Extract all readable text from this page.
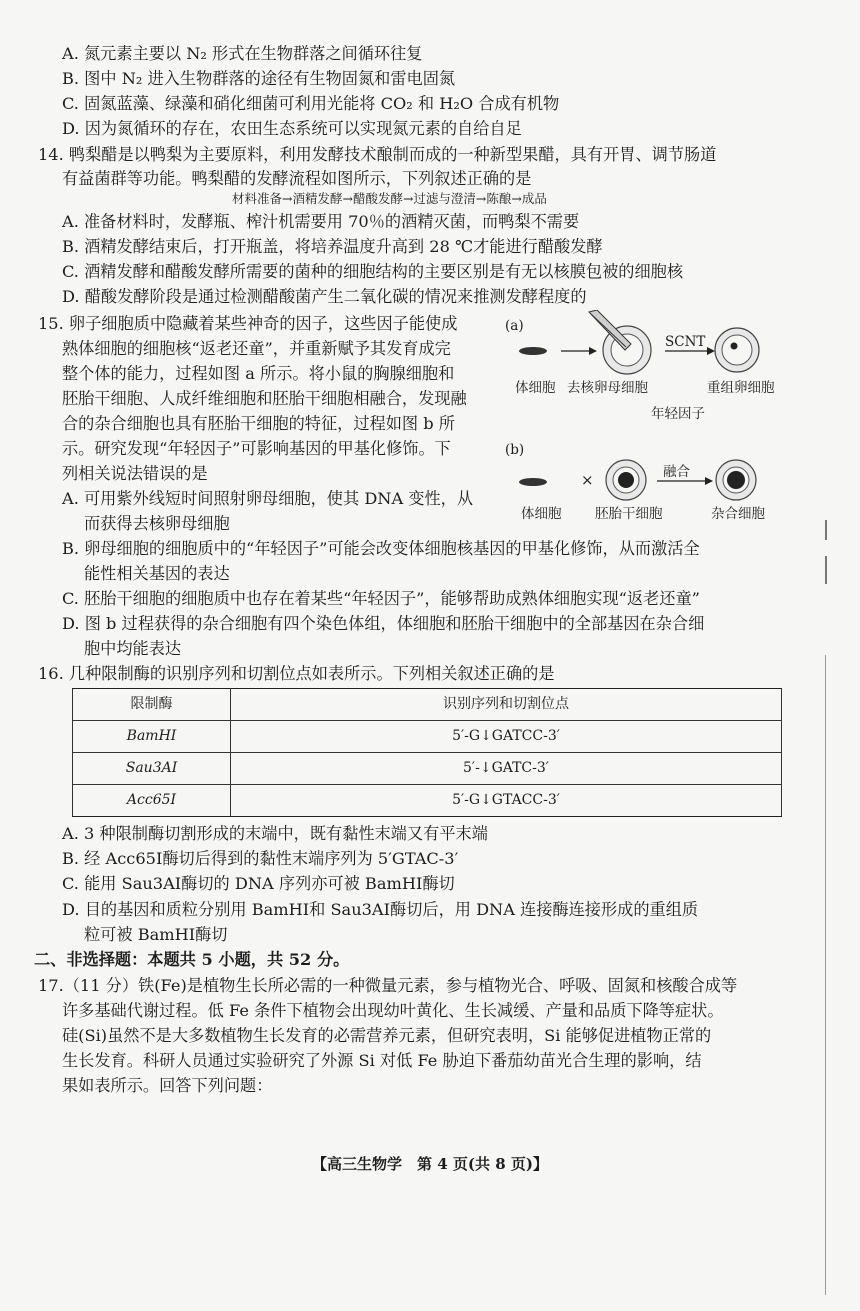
A. 氮元素主要以 N₂ 形式在生物群落之间循环往复
B. 图中 N₂ 进入生物群落的途径有生物固氮和雷电固氮
C. 固氮蓝藻、绿藻和硝化细菌可利用光能将 CO₂ 和 H₂O 合成有机物
D. 因为氮循环的存在，农田生态系统可以实现氮元素的自给自足
14. 鸭梨醋是以鸭梨为主要原料，利用发酵技术酿制而成的一种新型果醋，具有开胃、调节肠道
有益菌群等功能。鸭梨醋的发酵流程如图所示，下列叙述正确的是
材料准备→酒精发酵→醋酸发酵→过滤与澄清→陈酿→成品
A. 准备材料时，发酵瓶、榨汁机需要用 70％的酒精灭菌，而鸭梨不需要
B. 酒精发酵结束后，打开瓶盖，将培养温度升高到 28 ℃才能进行醋酸发酵
C. 酒精发酵和醋酸发酵所需要的菌种的细胞结构的主要区别是有无以核膜包被的细胞核
D. 醋酸发酵阶段是通过检测醋酸菌产生二氧化碳的情况来推测发酵程度的
15. 卵子细胞质中隐藏着某些神奇的因子，这些因子能使成
熟体细胞的细胞核“返老还童”，并重新赋予其发育成完
整个体的能力，过程如图 a 所示。将小鼠的胸腺细胞和
胚胎干细胞、人成纤维细胞和胚胎干细胞相融合，发现融
合的杂合细胞也具有胚胎干细胞的特征，过程如图 b 所
示。研究发现“年轻因子”可影响基因的甲基化修饰。下
列相关说法错误的是
A. 可用紫外线短时间照射卵母细胞，使其 DNA 变性，从
而获得去核卵母细胞
B. 卵母细胞的细胞质中的“年轻因子”可能会改变体细胞核基因的甲基化修饰，从而激活全
能性相关基因的表达
C. 胚胎干细胞的细胞质中也存在着某些“年轻因子”，能够帮助成熟体细胞实现“返老还童”
D. 图 b 过程获得的杂合细胞有四个染色体组，体细胞和胚胎干细胞中的全部基因在杂合细
胞中均能表达
(a)
(b)
SCNT
体细胞 去核卵母细胞	重组卵细胞
年轻因子
×	融合
体细胞 胚胎干细胞	杂合细胞
16. 几种限制酶的识别序列和切割位点如表所示。下列相关叙述正确的是
限制酶	识别序列和切割位点
BamHⅠ	5′-G↓GATCC-3′
Sau3AⅠ	5′-↓GATC-3′
Acc65Ⅰ	5′-G↓GTACC-3′
A. 3 种限制酶切割形成的末端中，既有黏性末端又有平末端
B. 经 Acc65Ⅰ酶切后得到的黏性末端序列为 5′GTAC-3′
C. 能用 Sau3AⅠ酶切的 DNA 序列亦可被 BamHⅠ酶切
D. 目的基因和质粒分别用 BamHⅠ和 Sau3AⅠ酶切后，用 DNA 连接酶连接形成的重组质
粒可被 BamHⅠ酶切
二、非选择题：本题共 5 小题，共 52 分。
17.（11 分）铁(Fe)是植物生长所必需的一种微量元素，参与植物光合、呼吸、固氮和核酸合成等
许多基础代谢过程。低 Fe 条件下植物会出现幼叶黄化、生长减缓、产量和品质下降等症状。
硅(Si)虽然不是大多数植物生长发育的必需营养元素，但研究表明，Si 能够促进植物正常的
生长发育。科研人员通过实验研究了外源 Si 对低 Fe 胁迫下番茄幼苗光合生理的影响，结
果如表所示。回答下列问题：
【高三生物学　第 4 页(共 8 页)】
